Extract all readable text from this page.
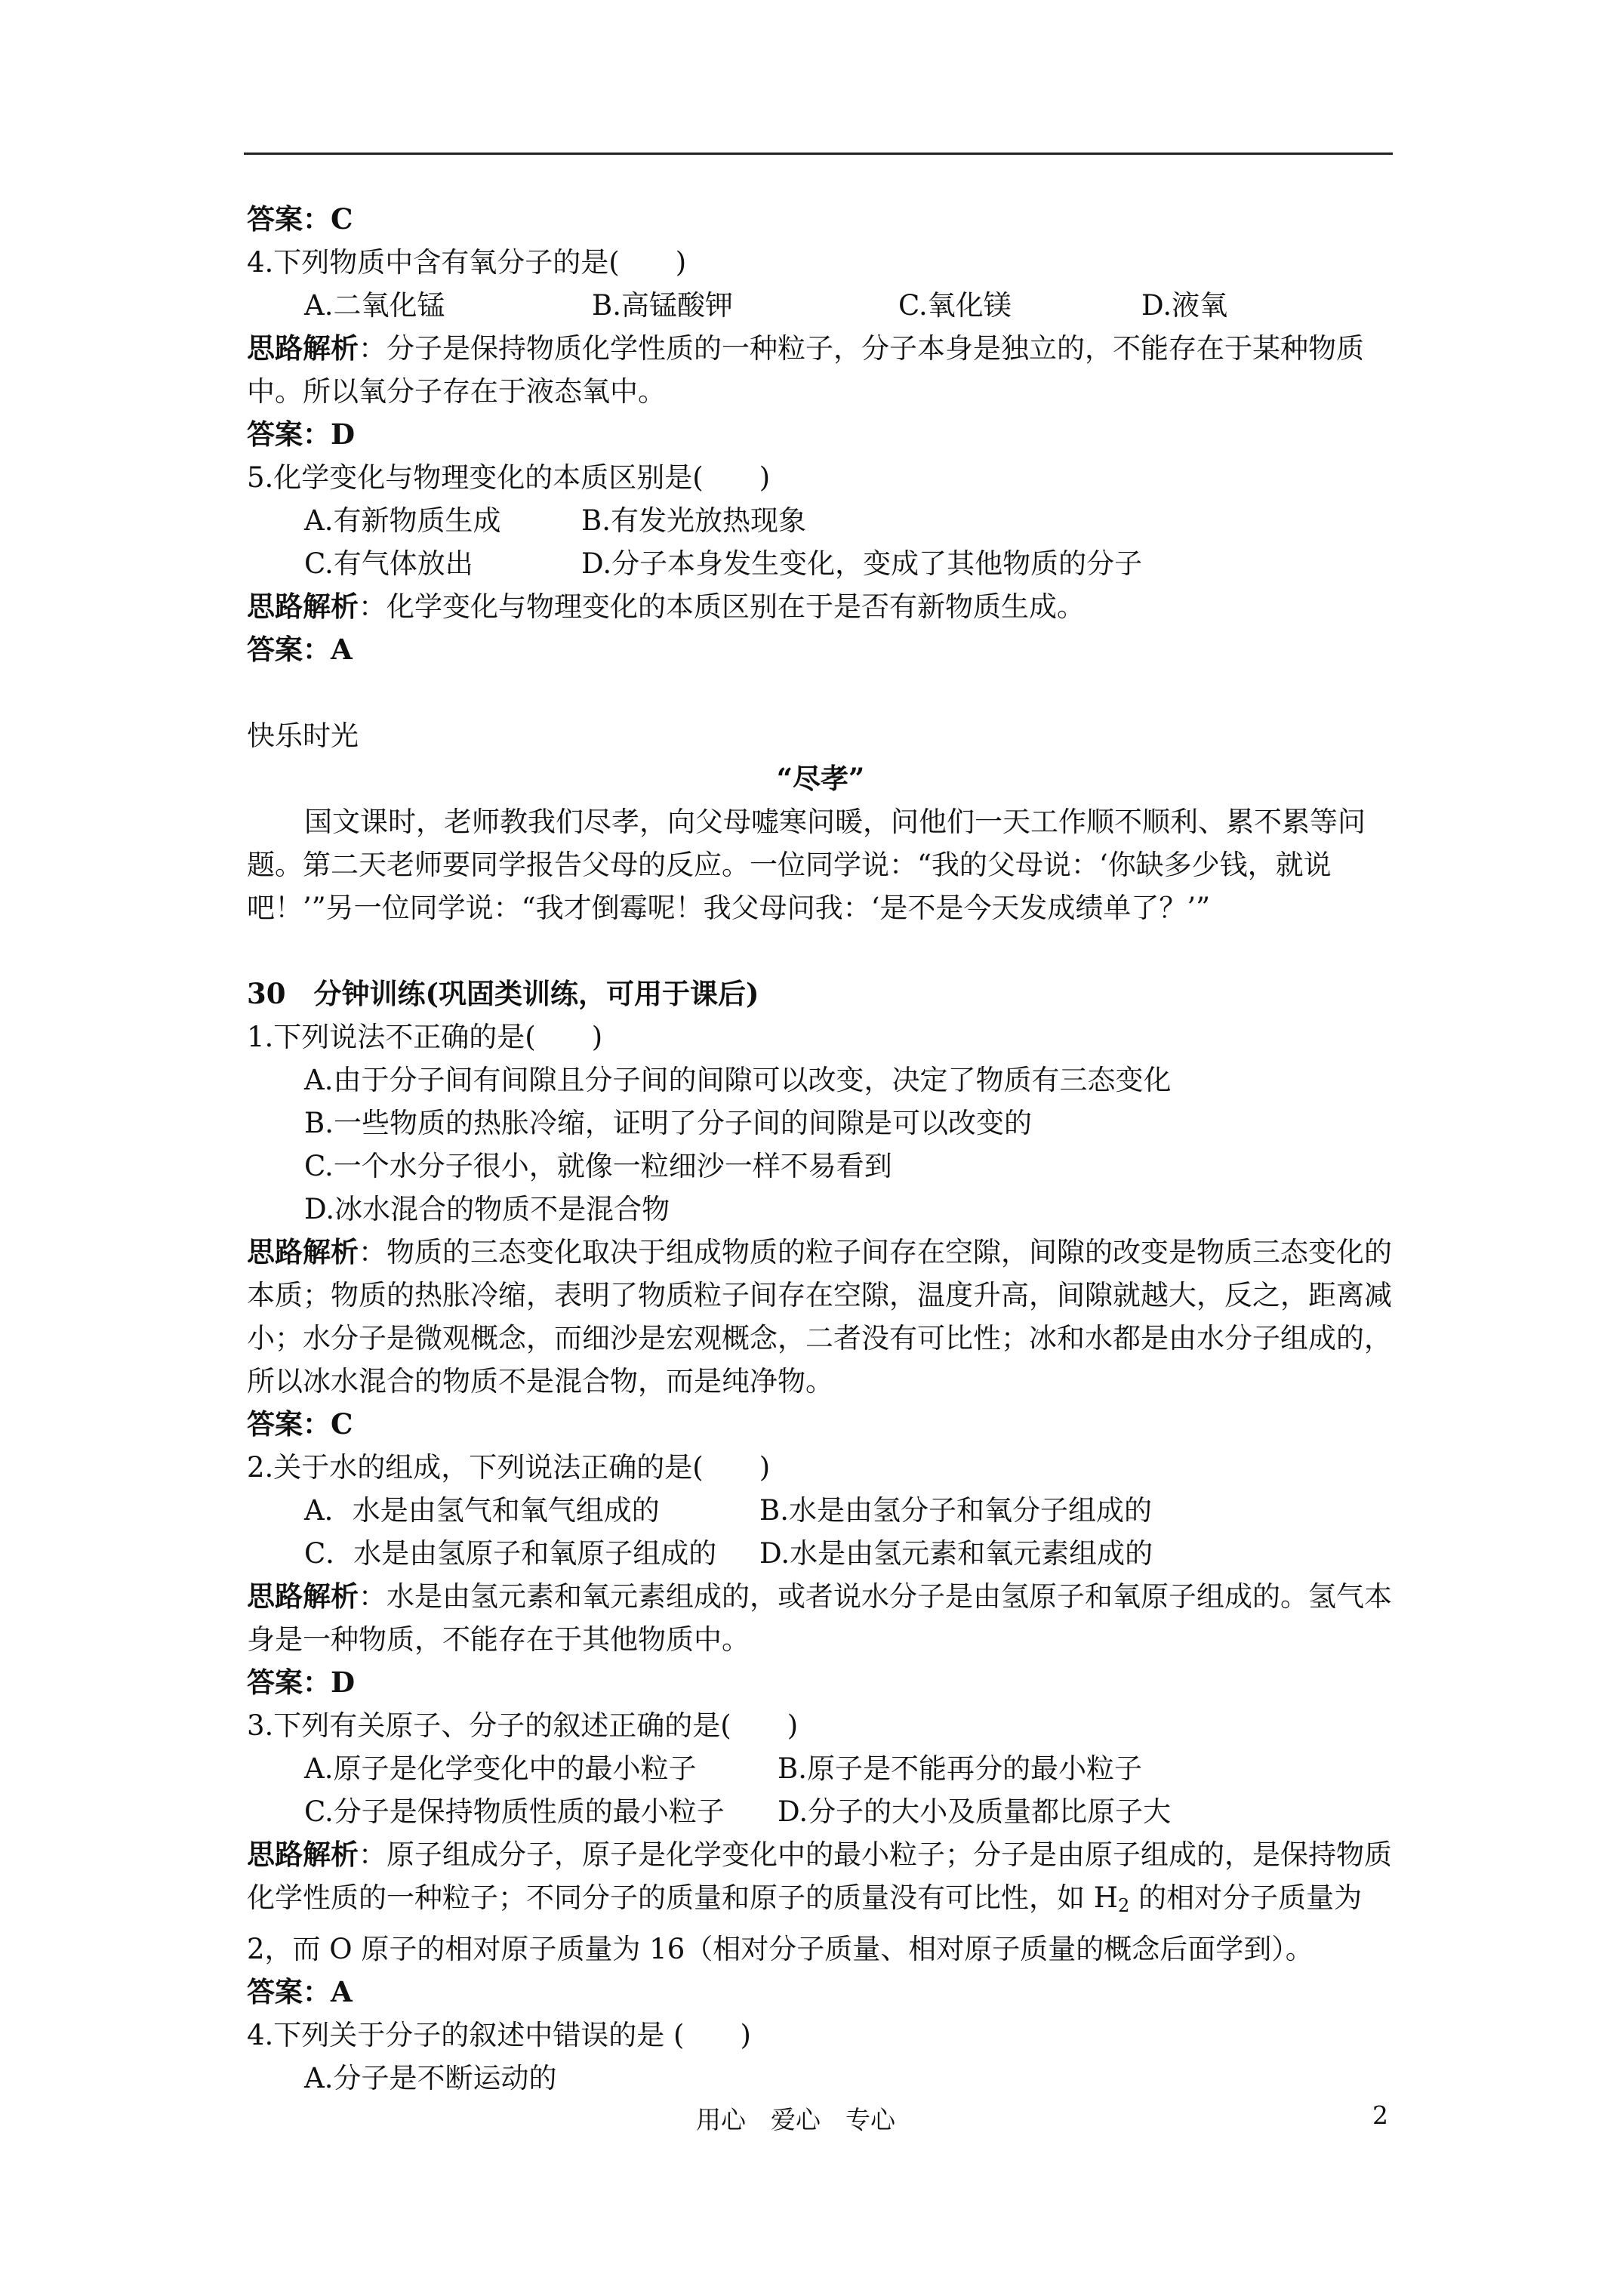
答案：C
4.下列物质中含有氧分子的是(　　)
A.二氧化锰	B.高锰酸钾	C.氧化镁	D.液氧
思路解析：分子是保持物质化学性质的一种粒子，分子本身是独立的，不能存在于某种物质中。所以氧分子存在于液态氧中。
答案：D
5.化学变化与物理变化的本质区别是(　　)
A.有新物质生成	B.有发光放热现象
C.有气体放出	D.分子本身发生变化，变成了其他物质的分子
思路解析：化学变化与物理变化的本质区别在于是否有新物质生成。
答案：A
快乐时光
“尽孝”
国文课时，老师教我们尽孝，向父母嘘寒问暖，问他们一天工作顺不顺利、累不累等问题。第二天老师要同学报告父母的反应。一位同学说：“我的父母说：‘你缺多少钱，就说吧！’”另一位同学说：“我才倒霉呢！我父母问我：‘是不是今天发成绩单了？’”
30　分钟训练(巩固类训练，可用于课后)
1.下列说法不正确的是(　　)
A.由于分子间有间隙且分子间的间隙可以改变，决定了物质有三态变化
B.一些物质的热胀冷缩，证明了分子间的间隙是可以改变的
C.一个水分子很小，就像一粒细沙一样不易看到
D.冰水混合的物质不是混合物
思路解析：物质的三态变化取决于组成物质的粒子间存在空隙，间隙的改变是物质三态变化的本质；物质的热胀冷缩，表明了物质粒子间存在空隙，温度升高，间隙就越大，反之，距离减小；水分子是微观概念，而细沙是宏观概念，二者没有可比性；冰和水都是由水分子组成的，所以冰水混合的物质不是混合物，而是纯净物。
答案：C
2.关于水的组成，下列说法正确的是(　　)
A．水是由氢气和氧气组成的	B.水是由氢分子和氧分子组成的
C．水是由氢原子和氧原子组成的 D.水是由氢元素和氧元素组成的
思路解析：水是由氢元素和氧元素组成的，或者说水分子是由氢原子和氧原子组成的。氢气本身是一种物质，不能存在于其他物质中。
答案：D
3.下列有关原子、分子的叙述正确的是(　　)
A.原子是化学变化中的最小粒子	B.原子是不能再分的最小粒子
C.分子是保持物质性质的最小粒子 D.分子的大小及质量都比原子大
思路解析：原子组成分子，原子是化学变化中的最小粒子；分子是由原子组成的，是保持物质化学性质的一种粒子；不同分子的质量和原子的质量没有可比性，如 $H_2$ 的相对分子质量为 2，而 O 原子的相对原子质量为 16（相对分子质量、相对原子质量的概念后面学到）。
答案：A
4.下列关于分子的叙述中错误的是 (　　)
A.分子是不断运动的
用心　爱心　专心	2
